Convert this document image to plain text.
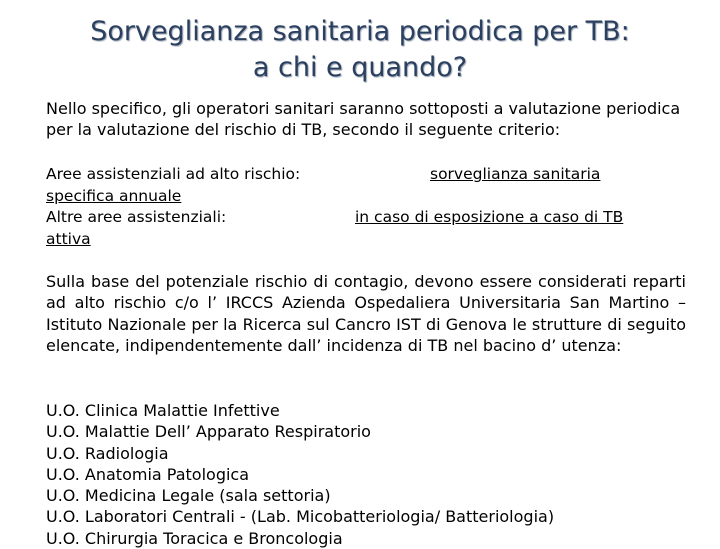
Sorveglianza sanitaria periodica per TB:
a chi e quando?

Nello specifico, gli operatori sanitari saranno sottoposti a valutazione periodica per la valutazione del rischio di TB, secondo il seguente criterio:

Aree assistenziali ad alto rischio:	sorveglianza sanitaria
specifica annuale
Altre aree assistenziali:	in caso di esposizione a caso di TB
attiva

Sulla base del potenziale rischio di contagio, devono essere considerati reparti ad alto rischio c/o l’ IRCCS Azienda Ospedaliera Universitaria San Martino –Istituto Nazionale per la Ricerca sul Cancro IST di Genova le strutture di seguito elencate, indipendentemente dall’ incidenza di TB nel bacino d’ utenza:

U.O. Clinica Malattie Infettive
U.O. Malattie Dell’ Apparato Respiratorio
U.O. Radiologia
U.O. Anatomia Patologica
U.O. Medicina Legale (sala settoria)
U.O. Laboratori Centrali - (Lab. Micobatteriologia/ Batteriologia)
U.O. Chirurgia Toracica e Broncologia
